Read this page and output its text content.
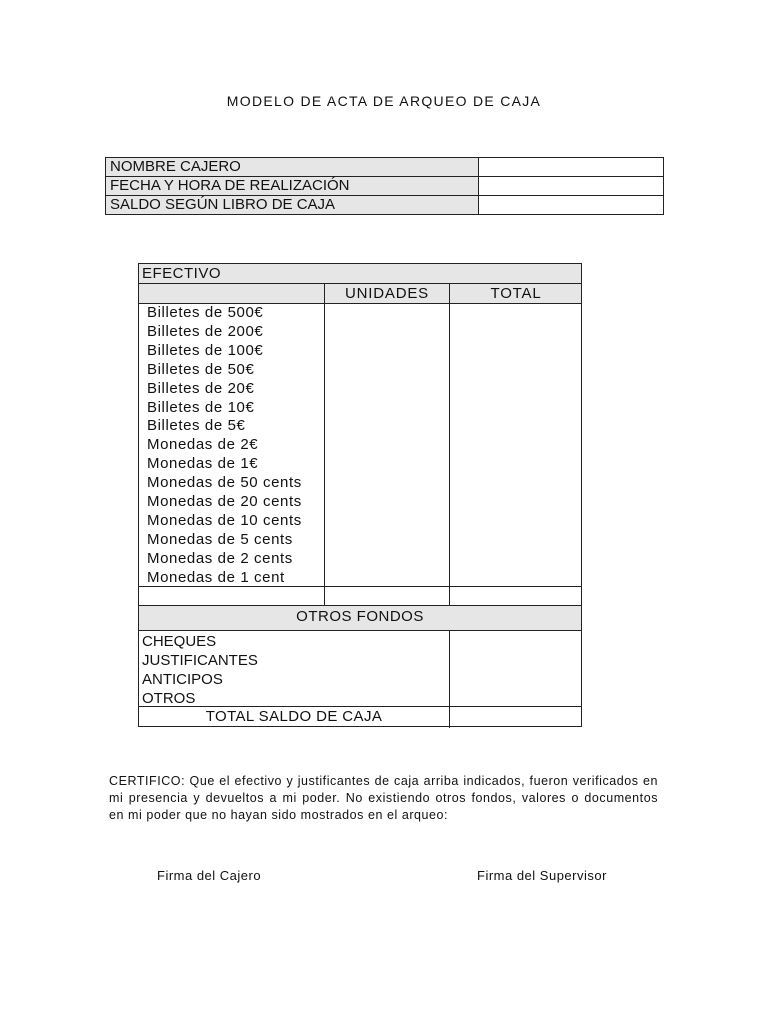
MODELO DE ACTA DE ARQUEO DE CAJA
NOMBRE CAJERO	
FECHA Y HORA DE REALIZACIÓN	
SALDO SEGÚN LIBRO DE CAJA	
EFECTIVO
UNIDADES	TOTAL
Billetes de 500€
Billetes de 200€
Billetes de 100€
Billetes de 50€
Billetes de 20€
Billetes de 10€
Billetes de 5€
Monedas de 2€
Monedas de 1€
Monedas de 50 cents
Monedas de 20 cents
Monedas de 10 cents
Monedas de 5 cents
Monedas de 2 cents
Monedas de 1 cent
OTROS FONDOS
CHEQUES
JUSTIFICANTES
ANTICIPOS
OTROS
TOTAL SALDO DE CAJA
CERTIFICO: Que el efectivo y justificantes de caja arriba indicados, fueron verificados en mi presencia y devueltos a mi poder. No existiendo otros fondos, valores o documentos en mi poder que no hayan sido mostrados en el arqueo:
Firma del Cajero	Firma del Supervisor
